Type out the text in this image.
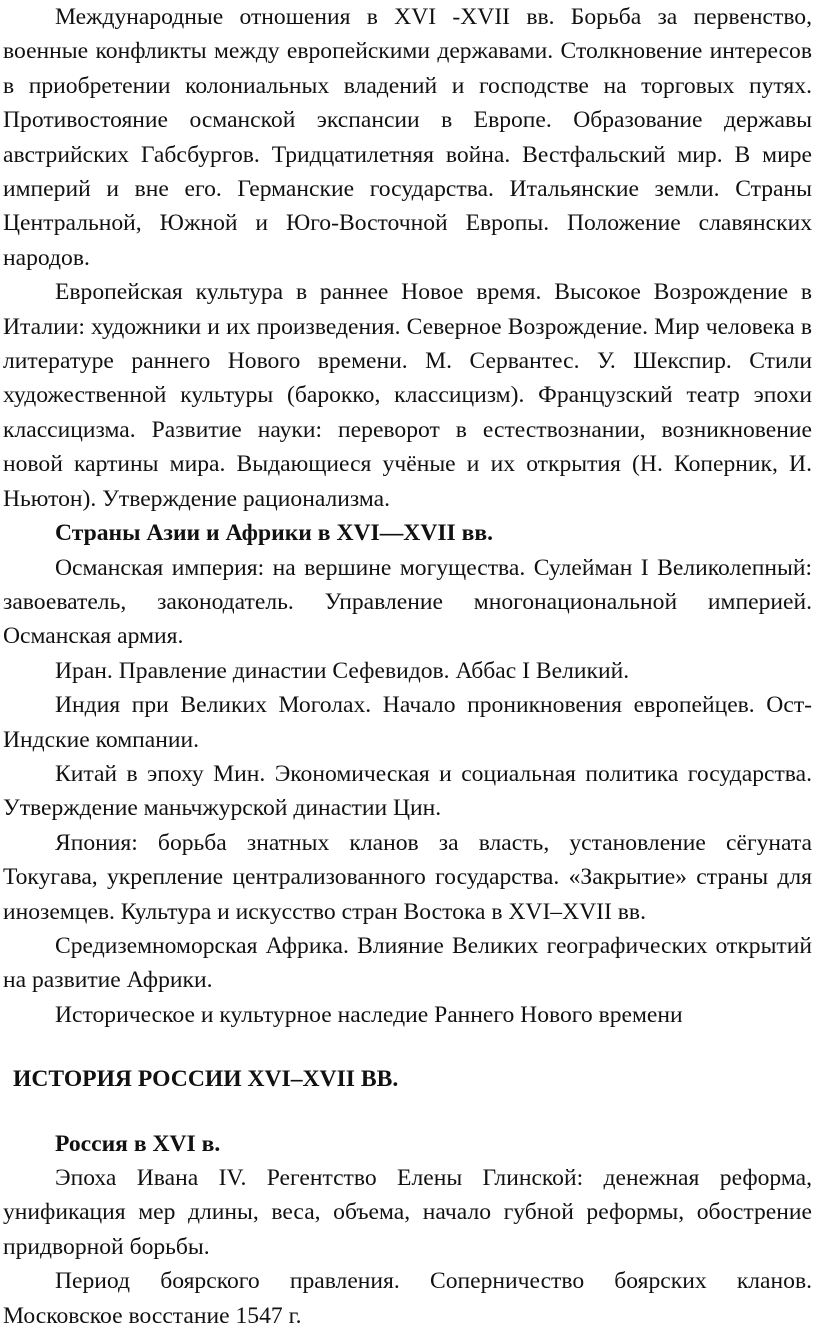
Международные отношения в XVI -XVII вв. Борьба за первенство, военные конфликты между европейскими державами. Столкновение интересов в приобретении колониальных владений и господстве на торговых путях. Противостояние османской экспансии в Европе. Образование державы австрийских Габсбургов. Тридцатилетняя война. Вестфальский мир. В мире империй и вне его. Германские государства. Итальянские земли. Страны Центральной, Южной и Юго-Восточной Европы. Положение славянских народов.

Европейская культура в раннее Новое время. Высокое Возрождение в Италии: художники и их произведения. Северное Возрождение. Мир человека в литературе раннего Нового времени. М. Сервантес. У. Шекспир. Стили художественной культуры (барокко, классицизм). Французский театр эпохи классицизма. Развитие науки: переворот в естествознании, возникновение новой картины мира. Выдающиеся учёные и их открытия (Н. Коперник, И. Ньютон). Утверждение рационализма.

Страны Азии и Африки в XVI—XVII вв.

Османская империя: на вершине могущества. Сулейман I Великолепный: завоеватель, законодатель. Управление многонациональной империей. Османская армия.

Иран. Правление династии Сефевидов. Аббас I Великий.

Индия при Великих Моголах. Начало проникновения европейцев. Ост-Индские компании.

Китай в эпоху Мин. Экономическая и социальная политика государства. Утверждение маньчжурской династии Цин.

Япония: борьба знатных кланов за власть, установление сёгуната Токугава, укрепление централизованного государства. «Закрытие» страны для иноземцев. Культура и искусство стран Востока в XVI–XVII вв.

Средиземноморская Африка. Влияние Великих географических открытий на развитие Африки.

Историческое и культурное наследие Раннего Нового времени

ИСТОРИЯ РОССИИ XVI–XVII ВВ.

Россия в XVI в.

Эпоха Ивана IV. Регентство Елены Глинской: денежная реформа, унификация мер длины, веса, объема, начало губной реформы, обострение придворной борьбы.

Период боярского правления. Соперничество боярских кланов. Московское восстание 1547 г.
